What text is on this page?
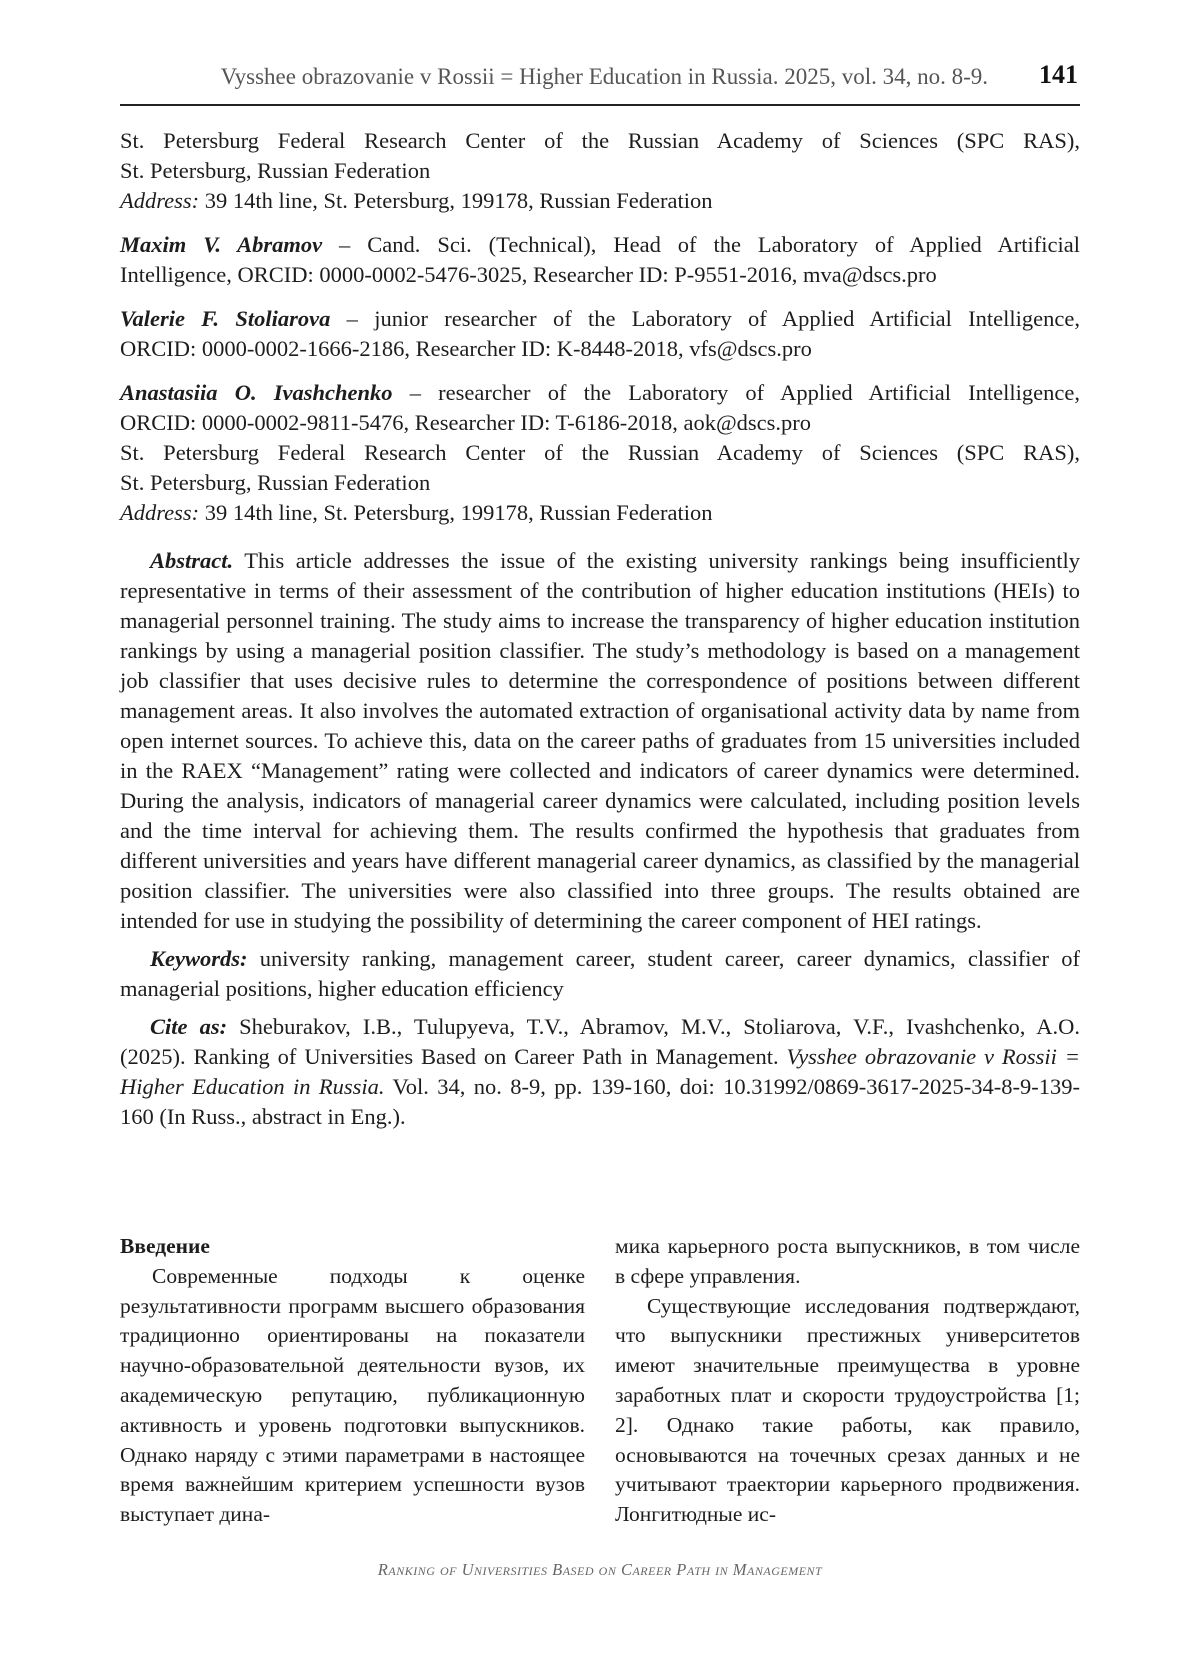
Vysshee obrazovanie v Rossii = Higher Education in Russia. 2025, vol. 34, no. 8-9. 141
St. Petersburg Federal Research Center of the Russian Academy of Sciences (SPC RAS),
St. Petersburg, Russian Federation
Address: 39 14th line, St. Petersburg, 199178, Russian Federation
Maxim V. Abramov – Cand. Sci. (Technical), Head of the Laboratory of Applied Artificial
Intelligence, ORCID: 0000-0002-5476-3025, Researcher ID: P-9551-2016, mva@dscs.pro
Valerie F. Stoliarova – junior researcher of the Laboratory of Applied Artificial Intelligence,
ORCID: 0000-0002-1666-2186, Researcher ID: K-8448-2018, vfs@dscs.pro
Anastasiia O. Ivashchenko – researcher of the Laboratory of Applied Artificial Intelligence,
ORCID: 0000-0002-9811-5476, Researcher ID: T-6186-2018, aok@dscs.pro
St. Petersburg Federal Research Center of the Russian Academy of Sciences (SPC RAS),
St. Petersburg, Russian Federation
Address: 39 14th line, St. Petersburg, 199178, Russian Federation

Abstract. This article addresses the issue of the existing university rankings being insufficiently representative in terms of their assessment of the contribution of higher education institutions (HEIs) to managerial personnel training. The study aims to increase the transparency of higher education institution rankings by using a managerial position classifier. The study’s methodology is based on a management job classifier that uses decisive rules to determine the correspondence of positions between different management areas. It also involves the automated extraction of organisational activity data by name from open internet sources. To achieve this, data on the career paths of graduates from 15 universities included in the RAEX “Management” rating were collected and indicators of career dynamics were determined. During the analysis, indicators of managerial career dynamics were calculated, including position levels and the time interval for achieving them. The results confirmed the hypothesis that graduates from different universities and years have different managerial career dynamics, as classified by the managerial position classifier. The universities were also classified into three groups. The results obtained are intended for use in studying the possibility of determining the career component of HEI ratings.

Keywords: university ranking, management career, student career, career dynamics, classifier of managerial positions, higher education efficiency

Cite as: Sheburakov, I.B., Tulupyeva, T.V., Abramov, M.V., Stoliarova, V.F., Ivashchenko, A.O. (2025). Ranking of Universities Based on Career Path in Management. Vysshee obrazovanie v Rossii = Higher Education in Russia. Vol. 34, no. 8-9, pp. 139-160, doi: 10.31992/0869-3617-2025-34-8-9-139-160 (In Russ., abstract in Eng.).

Введение

Современные подходы к оценке результативности программ высшего образования традиционно ориентированы на показатели научно-образовательной деятельности вузов, их академическую репутацию, публикационную активность и уровень подготовки выпускников. Однако наряду с этими параметрами в настоящее время важнейшим критерием успешности вузов выступает дина-

мика карьерного роста выпускников, в том числе в сфере управления.

Существующие исследования подтверждают, что выпускники престижных университетов имеют значительные преимущества в уровне заработных плат и скорости трудоустройства [1; 2]. Однако такие работы, как правило, основываются на точечных срезах данных и не учитывают траектории карьерного продвижения. Лонгитюдные ис-

Ranking of Universities Based on Career Path in Management
